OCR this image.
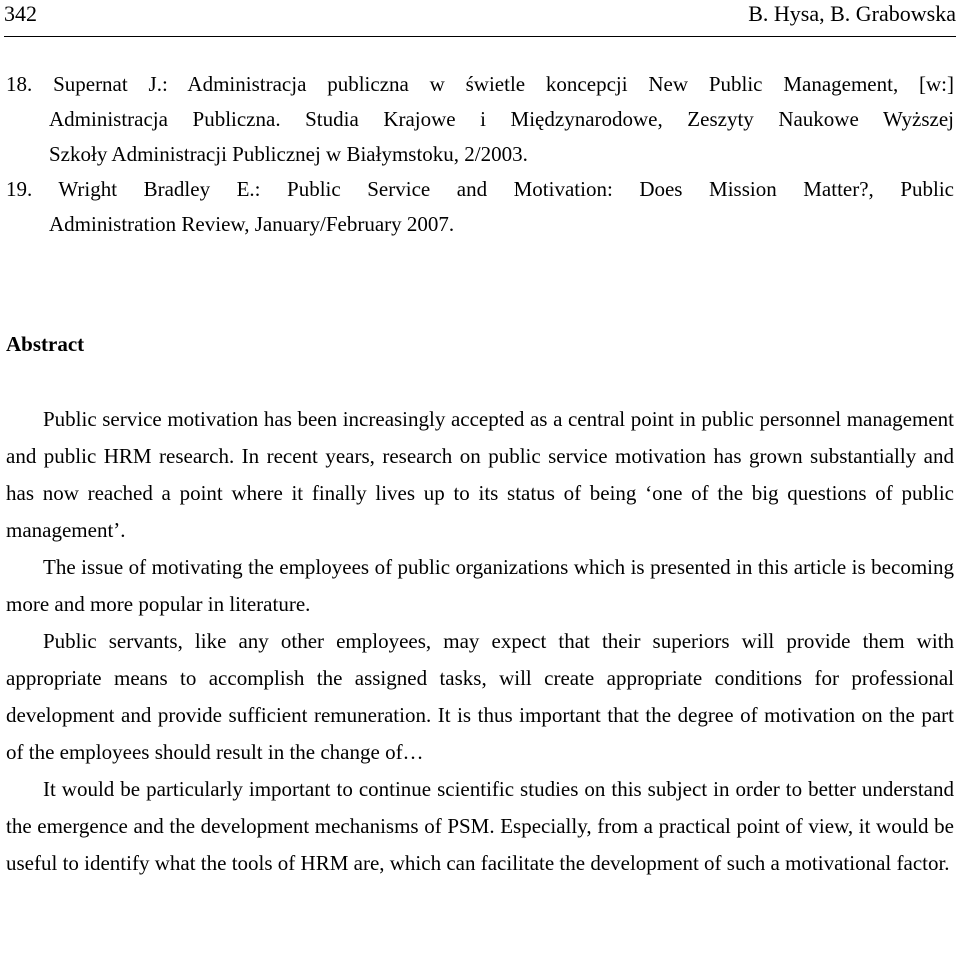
342	B. Hysa, B. Grabowska
18. Supernat J.: Administracja publiczna w świetle koncepcji New Public Management, [w:]
Administracja Publiczna. Studia Krajowe i Międzynarodowe, Zeszyty Naukowe Wyższej
Szkoły Administracji Publicznej w Białymstoku, 2/2003.
19. Wright Bradley E.: Public Service and Motivation: Does Mission Matter?, Public
Administration Review, January/February 2007.
Abstract

Public service motivation has been increasingly accepted as a central point in public personnel management and public HRM research. In recent years, research on public service motivation has grown substantially and has now reached a point where it finally lives up to its status of being ‘one of the big questions of public management’.

The issue of motivating the employees of public organizations which is presented in this article is becoming more and more popular in literature.

Public servants, like any other employees, may expect that their superiors will provide them with appropriate means to accomplish the assigned tasks, will create appropriate conditions for professional development and provide sufficient remuneration. It is thus important that the degree of motivation on the part of the employees should result in the change of…

It would be particularly important to continue scientific studies on this subject in order to better understand the emergence and the development mechanisms of PSM. Especially, from a practical point of view, it would be useful to identify what the tools of HRM are, which can facilitate the development of such a motivational factor.
